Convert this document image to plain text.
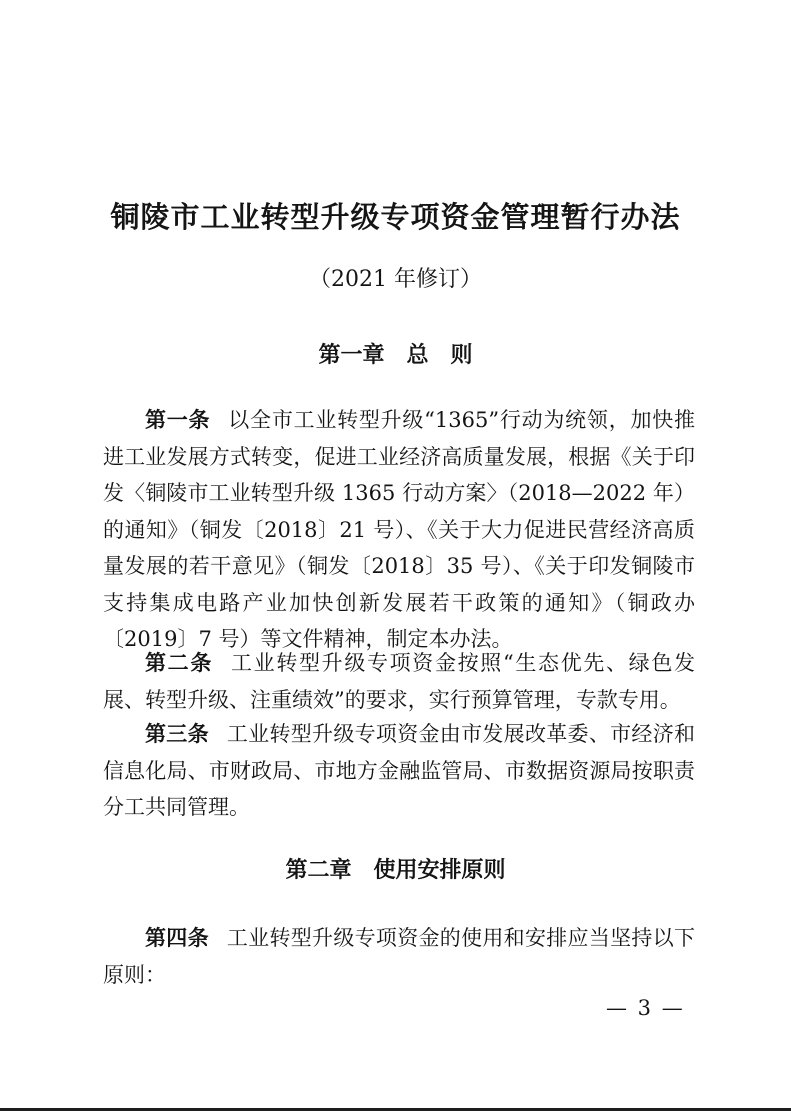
铜陵市工业转型升级专项资金管理暂行办法
（2021 年修订）
第一章 总　则
第一条 以全市工业转型升级“1365”行动为统领，加快推进工业发展方式转变，促进工业经济高质量发展，根据《关于印发〈铜陵市工业转型升级 1365 行动方案〉（2018—2022 年）的通知》（铜发〔2018〕21 号）、《关于大力促进民营经济高质量发展的若干意见》（铜发〔2018〕35 号）、《关于印发铜陵市支持集成电路产业加快创新发展若干政策的通知》（铜政办〔2019〕7 号）等文件精神，制定本办法。
第二条 工业转型升级专项资金按照“生态优先、绿色发展、转型升级、注重绩效”的要求，实行预算管理，专款专用。
第三条 工业转型升级专项资金由市发展改革委、市经济和信息化局、市财政局、市地方金融监管局、市数据资源局按职责分工共同管理。
第二章 使用安排原则
第四条 工业转型升级专项资金的使用和安排应当坚持以下原则：
— 3 —
